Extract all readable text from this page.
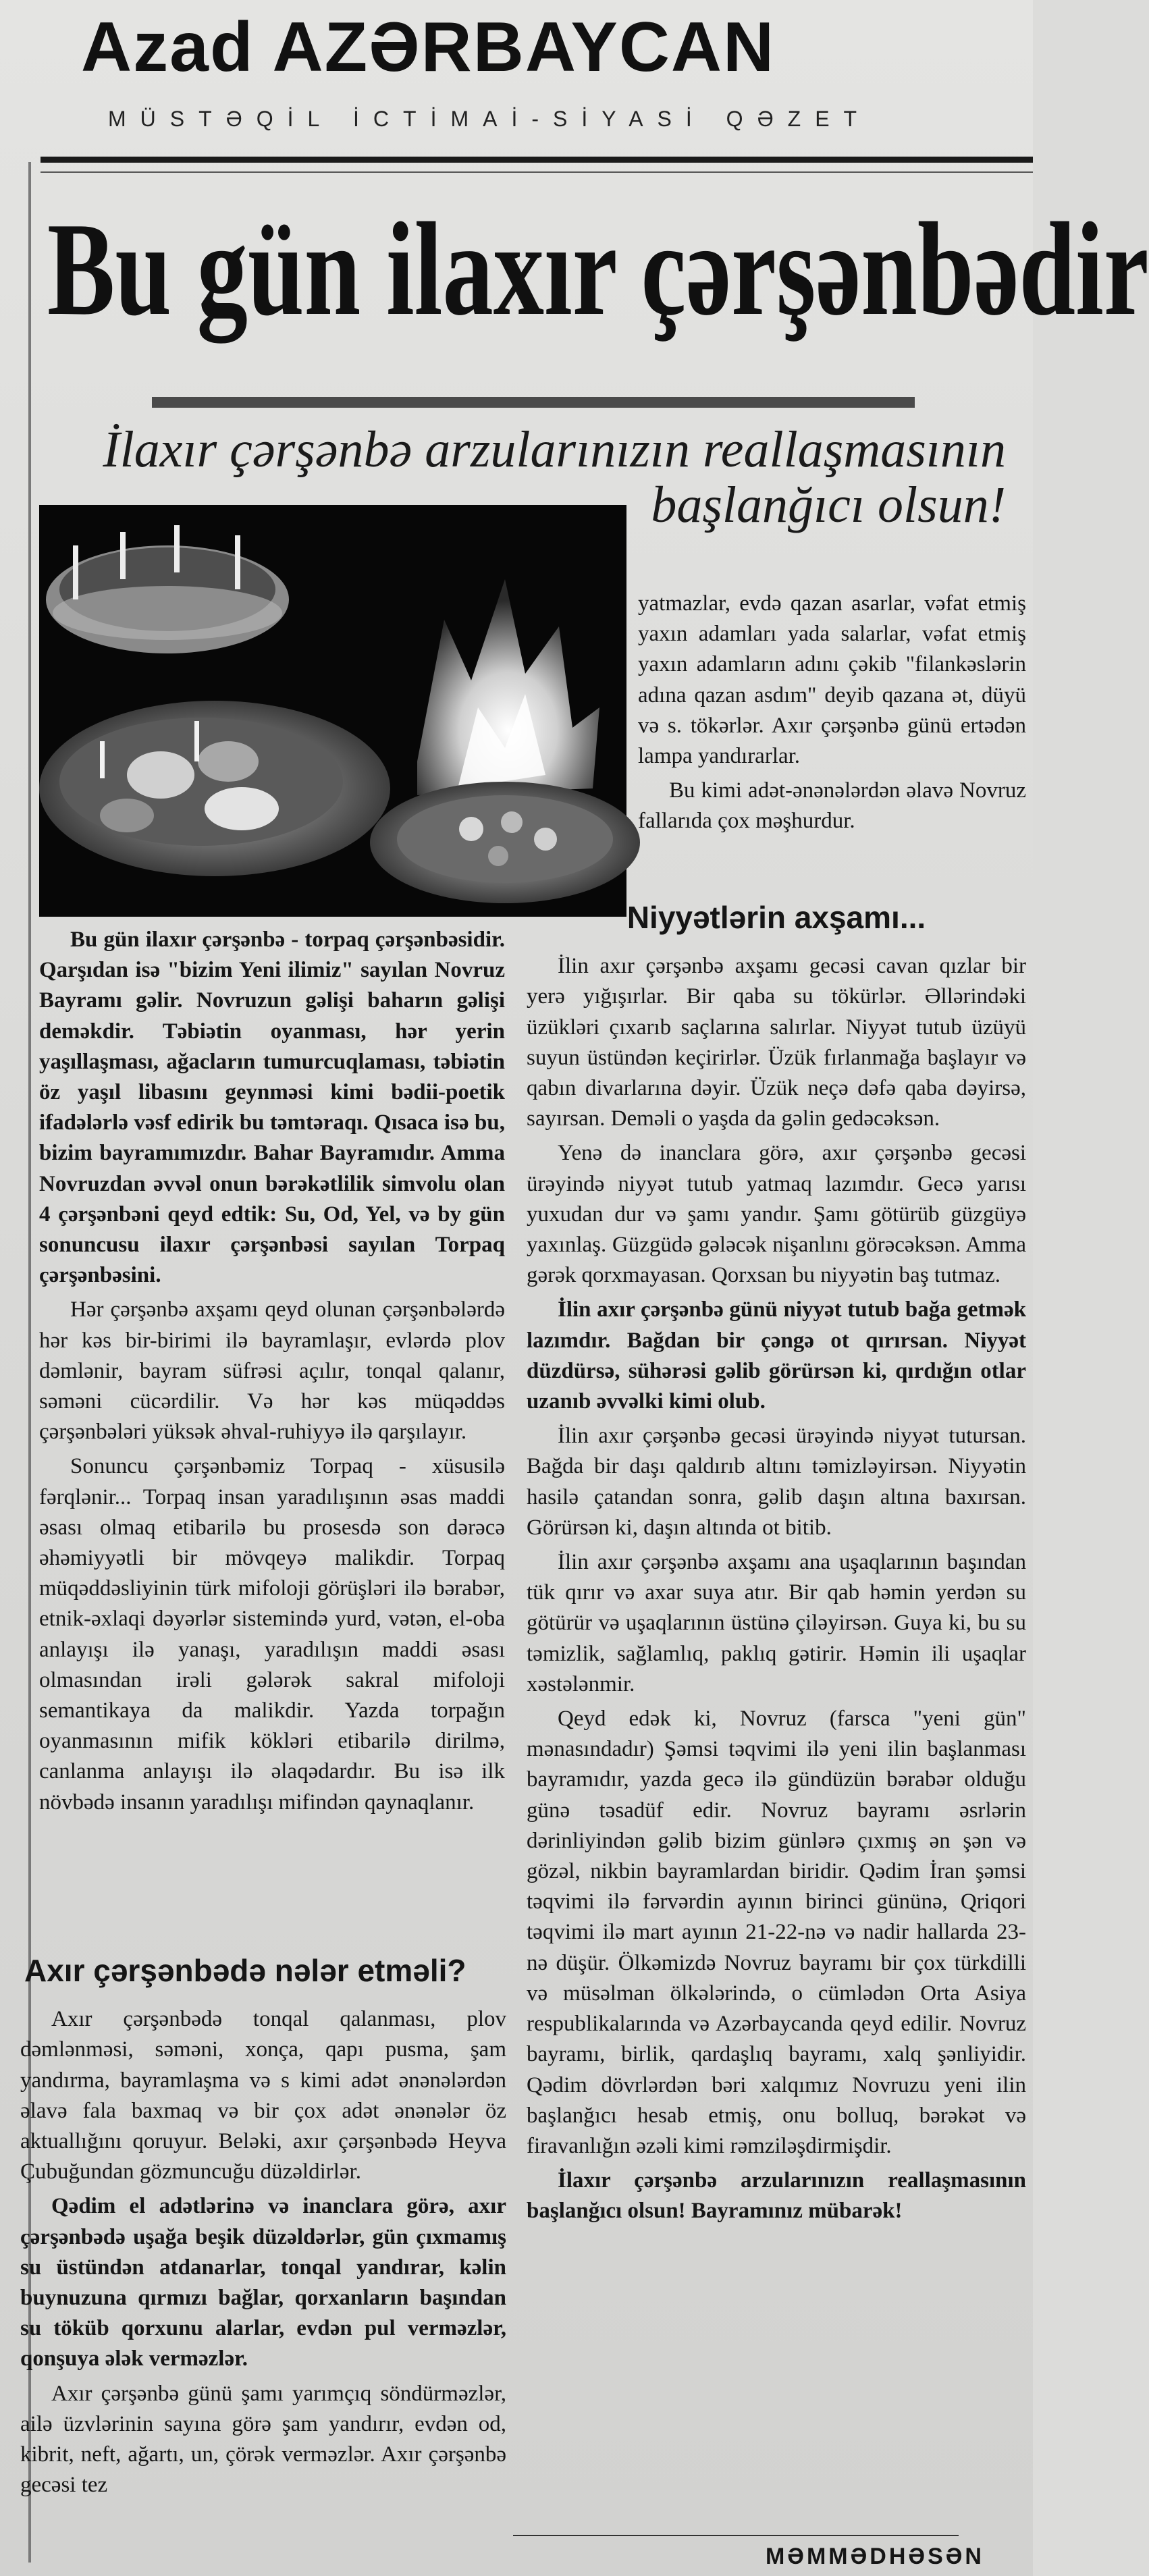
Azad AZƏRBAYCAN
MÜSTƏQİL İCTİMAİ-SİYASİ QƏZET
Bu gün ilaxır çərşənbədir
İlaxır çərşənbə arzularınızın reallaşmasının başlanğıcı olsun!

yatmazlar, evdə qazan asarlar, vəfat etmiş yaxın adamları yada salarlar, vəfat etmiş yaxın adamların adını çəkib "filankəslərin adına qazan asdım" deyib qazana ət, düyü və s. tökərlər. Axır çərşənbə günü ertədən lampa yandırarlar.

Bu kimi adət-ənənələrdən əlavə Novruz fallarıda çox məşhurdur.

Bu gün ilaxır çərşənbə - torpaq çərşənbəsidir. Qarşıdan isə "bizim Yeni ilimiz" sayılan Novruz Bayramı gəlir. Novruzun gəlişi baharın gəlişi deməkdir. Təbiətin oyanması, hər yerin yaşıllaşması, ağacların tumurcuqlaması, təbiətin öz yaşıl libasını geynməsi kimi bədii-poetik ifadələrlə vəsf edirik bu təmtəraqı. Qısaca isə bu, bizim bayramımızdır. Bahar Bayramıdır. Amma Novruzdan əvvəl onun bərəkətlilik simvolu olan 4 çərşənbəni qeyd edtik: Su, Od, Yel, və by gün sonuncusu ilaxır çərşənbəsi sayılan Torpaq çərşənbəsini.

Hər çərşənbə axşamı qeyd olunan çərşənbələrdə hər kəs bir-birimi ilə bayramlaşır, evlərdə plov dəmlənir, bayram süfrəsi açılır, tonqal qalanır, səməni cücərdilir. Və hər kəs müqəddəs çərşənbələri yüksək əhval-ruhiyyə ilə qarşılayır.

Sonuncu çərşənbəmiz Torpaq - xüsusilə fərqlənir... Torpaq insan yaradılışının əsas maddi əsası olmaq etibarilə bu prosesdə son dərəcə əhəmiyyətli bir mövqeyə malikdir. Torpaq müqəddəsliyinin türk mifoloji görüşləri ilə bərabər, etnik-əxlaqi dəyərlər sistemində yurd, vətən, el-oba anlayışı ilə yanaşı, yaradılışın maddi əsası olmasından irəli gələrək sakral mifoloji semantikaya da malikdir. Yazda torpağın oyanmasının mifik kökləri etibarilə dirilmə, canlanma anlayışı ilə əlaqədardır. Bu isə ilk növbədə insanın yaradılışı mifindən qaynaqlanır.

Axır çərşənbədə nələr etməli?

Axır çərşənbədə tonqal qalanması, plov dəmlənməsi, səməni, xonça, qapı pusma, şam yandırma, bayramlaşma və s kimi adət ənənələrdən əlavə fala baxmaq və bir çox adət ənənələr öz aktuallığını qoruyur. Beləki, axır çərşənbədə Heyva Çubuğundan gözmuncuğu düzəldirlər.

Qədim el adətlərinə və inanclara görə, axır çərşənbədə uşağa beşik düzəldərlər, gün çıxmamış su üstündən atdanarlar, tonqal yandırar, kəlin buynuzuna qırmızı bağlar, qorxanların başından su töküb qorxunu alarlar, evdən pul verməzlər, qonşuya ələk verməzlər.

Axır çərşənbə günü şamı yarımçıq söndürməzlər, ailə üzvlərinin sayına görə şam yandırır, evdən od, kibrit, neft, ağartı, un, çörək verməzlər. Axır çərşənbə gecəsi tez

Niyyətlərin axşamı...

İlin axır çərşənbə axşamı gecəsi cavan qızlar bir yerə yığışırlar. Bir qaba su tökürlər. Əllərindəki üzükləri çıxarıb saçlarına salırlar. Niyyət tutub üzüyü suyun üstündən keçirirlər. Üzük fırlanmağa başlayır və qabın divarlarına dəyir. Üzük neçə dəfə qaba dəyirsə, sayırsan. Deməli o yaşda da gəlin gedəcəksən.

Yenə də inanclara görə, axır çərşənbə gecəsi ürəyində niyyət tutub yatmaq lazımdır. Gecə yarısı yuxudan dur və şamı yandır. Şamı götürüb güzgüyə yaxınlaş. Güzgüdə gələcək nişanlını görəcəksən. Amma gərək qorxmayasan. Qorxsan bu niyyətin baş tutmaz.

İlin axır çərşənbə günü niyyət tutub bağa getmək lazımdır. Bağdan bir çəngə ot qırırsan. Niyyət düzdürsə, sühərəsi gəlib görürsən ki, qırdığın otlar uzanıb əvvəlki kimi olub.

İlin axır çərşənbə gecəsi ürəyində niyyət tutursan. Bağda bir daşı qaldırıb altını təmizləyirsən. Niyyətin hasilə çatandan sonra, gəlib daşın altına baxırsan. Görürsən ki, daşın altında ot bitib.

İlin axır çərşənbə axşamı ana uşaqlarının başından tük qırır və axar suya atır. Bir qab həmin yerdən su götürür və uşaqlarının üstünə çiləyirsən. Guya ki, bu su təmizlik, sağlamlıq, paklıq gətirir. Həmin ili uşaqlar xəstələnmir.

Qeyd edək ki, Novruz (farsca "yeni gün" mənasındadır) Şəmsi təqvimi ilə yeni ilin başlanması bayramıdır, yazda gecə ilə gündüzün bərabər olduğu günə təsadüf edir. Novruz bayramı əsrlərin dərinliyindən gəlib bizim günlərə çıxmış ən şən və gözəl, nikbin bayramlardan biridir. Qədim İran şəmsi təqvimi ilə fərvərdin ayının birinci gününə, Qriqori təqvimi ilə mart ayının 21-22-nə və nadir hallarda 23-nə düşür. Ölkəmizdə Novruz bayramı bir çox türkdilli və müsəlman ölkələrində, o cümlədən Orta Asiya respublikalarında və Azərbaycanda qeyd edilir. Novruz bayramı, birlik, qardaşlıq bayramı, xalq şənliyidir. Qədim dövrlərdən bəri xalqımız Novruzu yeni ilin başlanğıcı hesab etmiş, onu bolluq, bərəkət və firavanlığın əzəli kimi rəmziləşdirmişdir.

İlaxır çərşənbə arzularınızın reallaşmasının başlanğıcı olsun! Bayramınız mübarək!

MƏMMƏDHƏSƏN
